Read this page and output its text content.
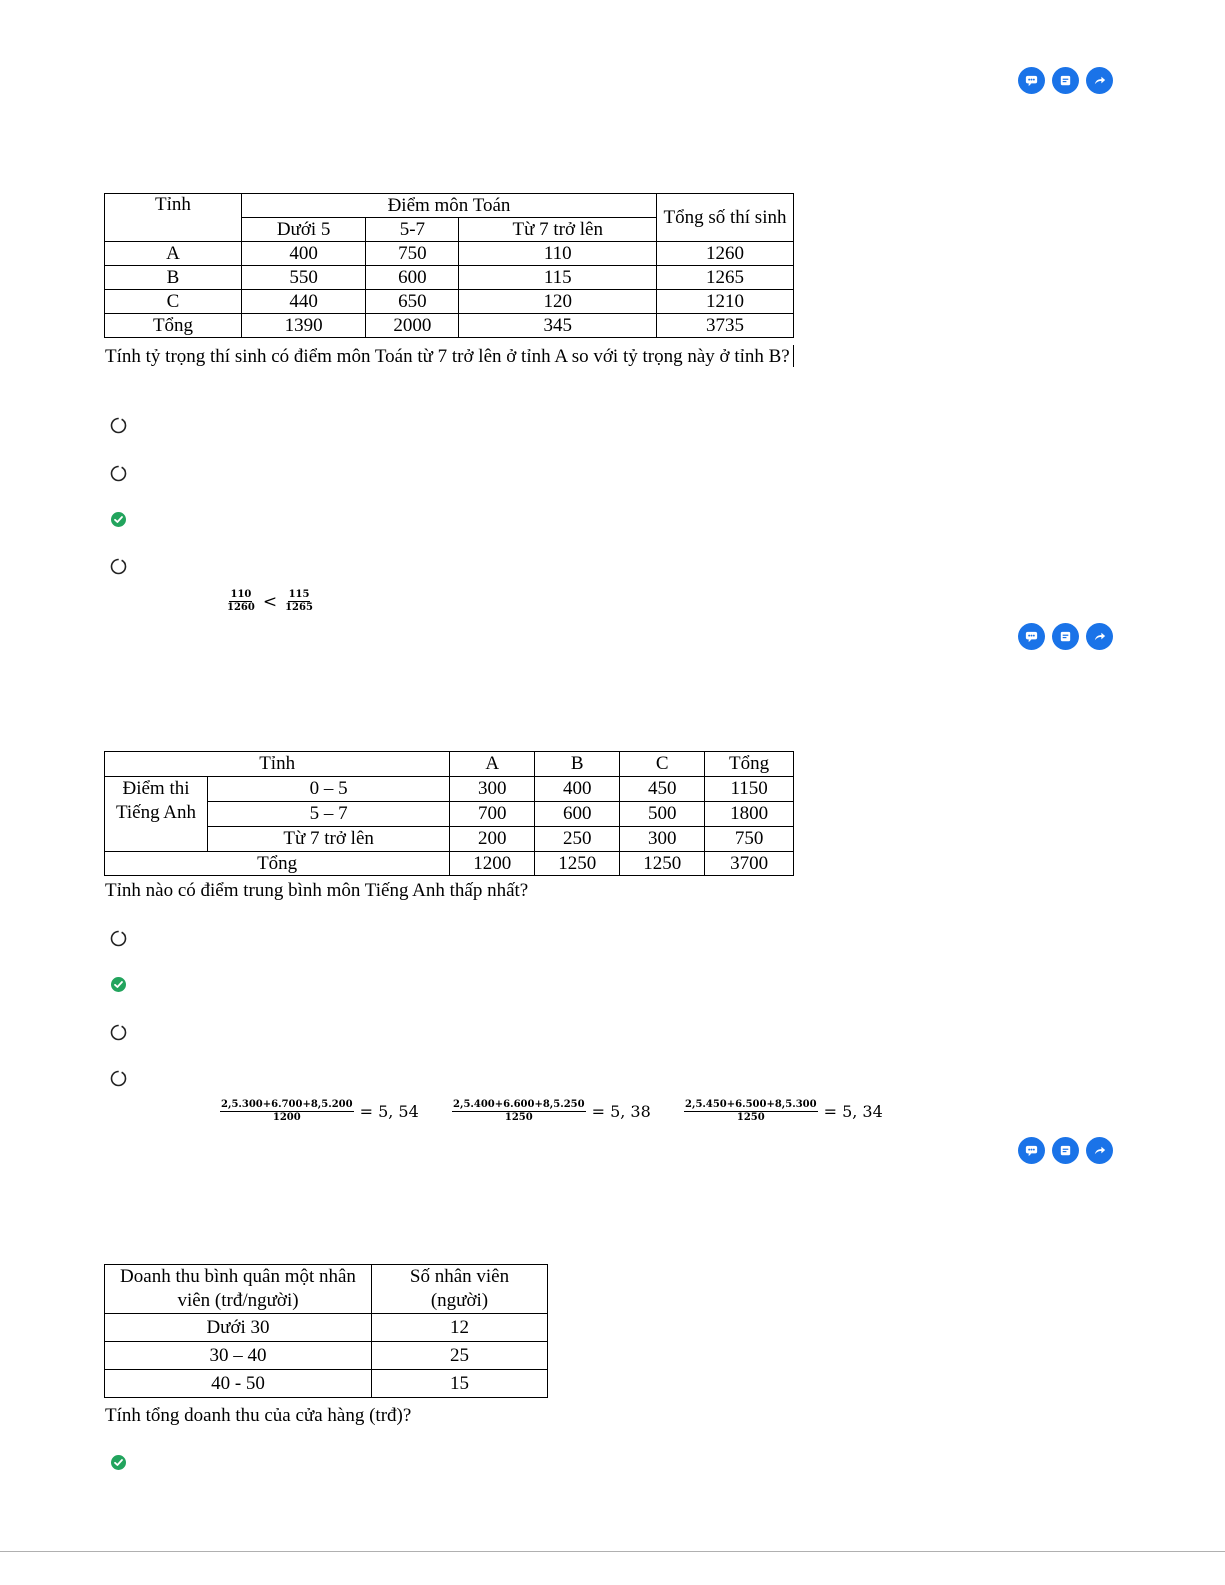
Tỉnh	Điểm môn Toán			Tổng số thí sinh
	Dưới 5	5-7	Từ 7 trở lên	
A	400	750	110	1260
B	550	600	115	1265
C	440	650	120	1210
Tổng	1390	2000	345	3735
Tính tỷ trọng thí sinh có điểm môn Toán từ 7 trở lên ở tỉnh A so với tỷ trọng này ở tỉnh B?
$\frac{110}{1260} < \frac{115}{1265}$
Tỉnh		A	B	C	Tổng
Điểm thi Tiếng Anh	0 – 5	300	400	450	1150
	5 – 7	700	600	500	1800
	Từ 7 trở lên	200	250	300	750
Tổng		1200	1250	1250	3700
Tỉnh nào có điểm trung bình môn Tiếng Anh thấp nhất?
$\frac{2,5.300+6.700+8,5.200}{1200} = 5$, 54	$\frac{2,5.400+6.600+8,5.250}{1250} = 5$, 38	$\frac{2,5.450+6.500+8,5.300}{1250} = 5$, 34
Doanh thu bình quân một nhân viên (trđ/người)	Số nhân viên (người)
Dưới 30	12
30 – 40	25
40 - 50	15
Tính tổng doanh thu của cửa hàng (trđ)?
